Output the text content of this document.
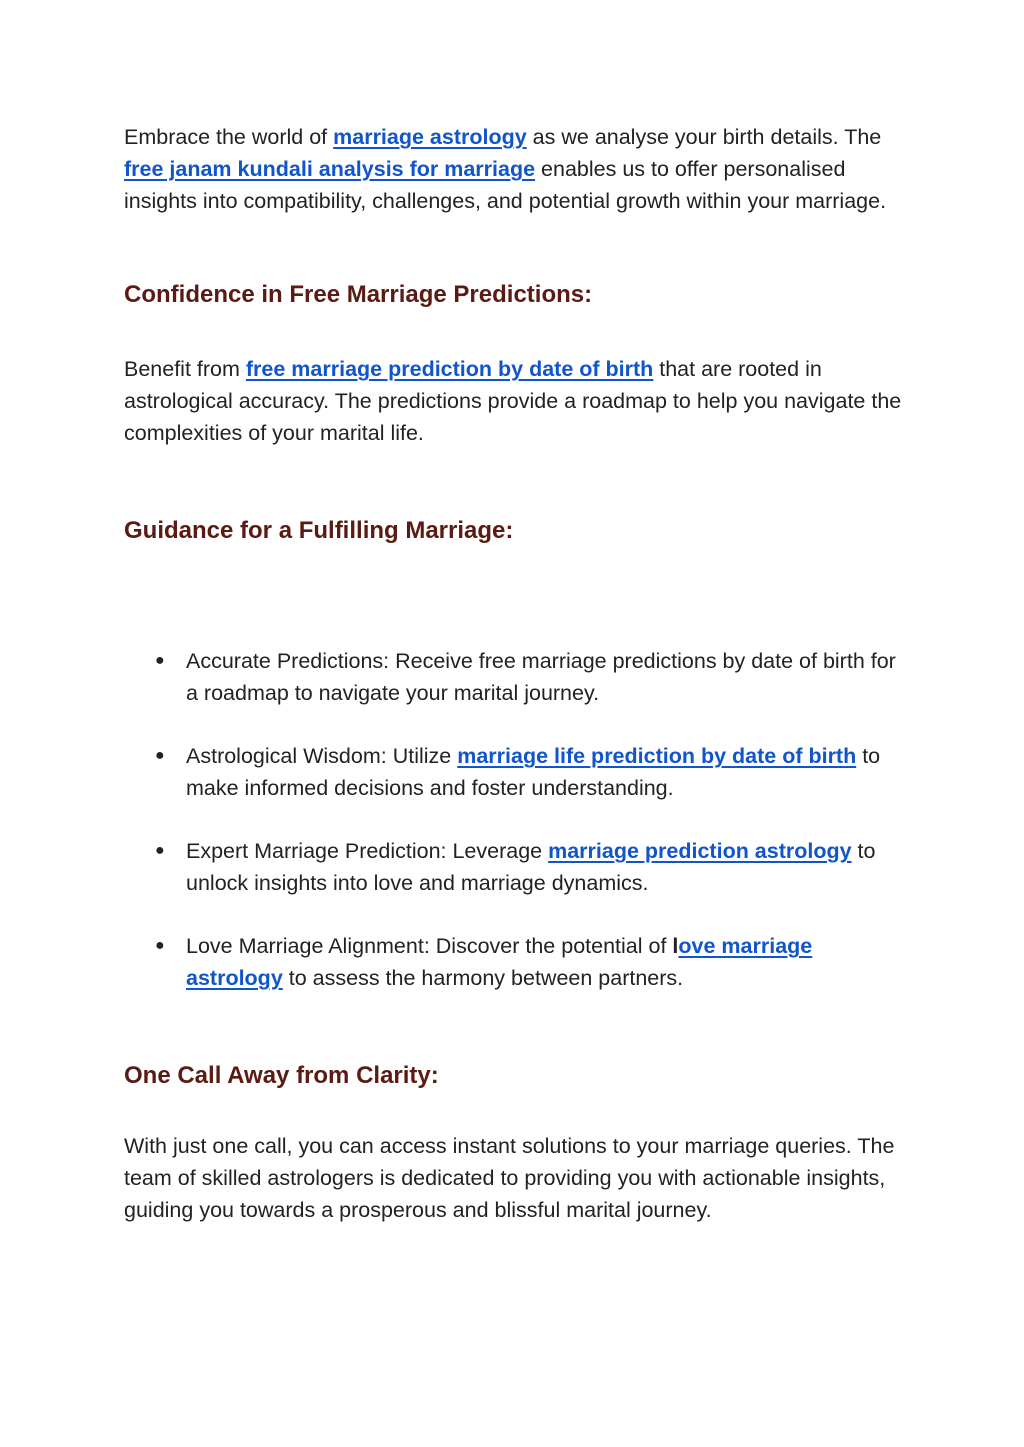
Embrace the world of marriage astrology as we analyse your birth details. The free janam kundali analysis for marriage enables us to offer personalised insights into compatibility, challenges, and potential growth within your marriage.

Confidence in Free Marriage Predictions:

Benefit from free marriage prediction by date of birth that are rooted in astrological accuracy. The predictions provide a roadmap to help you navigate the complexities of your marital life.

Guidance for a Fulfilling Marriage:
● Accurate Predictions: Receive free marriage predictions by date of birth for a roadmap to navigate your marital journey.
● Astrological Wisdom: Utilize marriage life prediction by date of birth to make informed decisions and foster understanding.
● Expert Marriage Prediction: Leverage marriage prediction astrology to unlock insights into love and marriage dynamics.
● Love Marriage Alignment: Discover the potential of love marriage astrology to assess the harmony between partners.
One Call Away from Clarity:

With just one call, you can access instant solutions to your marriage queries. The team of skilled astrologers is dedicated to providing you with actionable insights, guiding you towards a prosperous and blissful marital journey.
